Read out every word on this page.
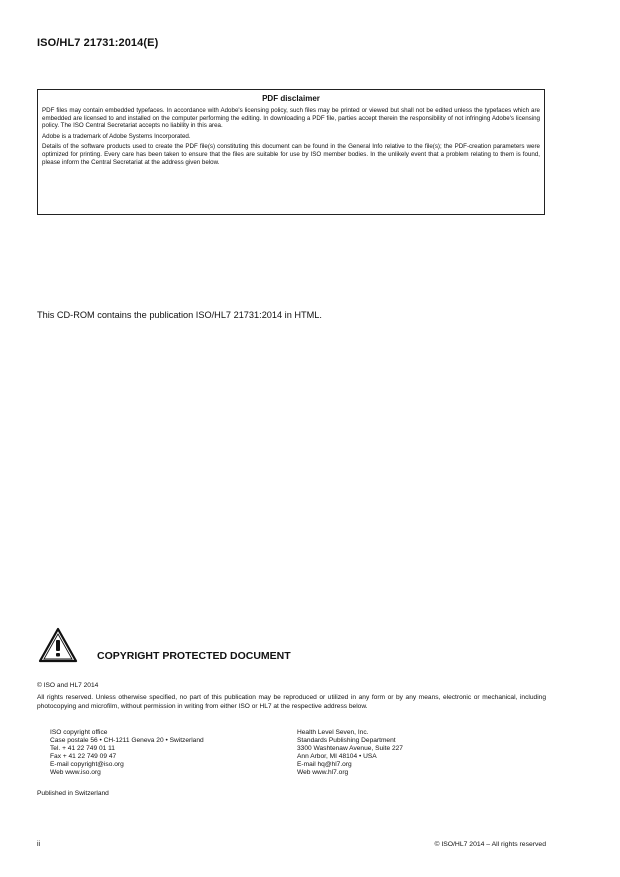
ISO/HL7 21731:2014(E)
PDF disclaimer

PDF files may contain embedded typefaces. In accordance with Adobe's licensing policy, such files may be printed or viewed but shall not be edited unless the typefaces which are embedded are licensed to and installed on the computer performing the editing. In downloading a PDF file, parties accept therein the responsibility of not infringing Adobe's licensing policy. The ISO Central Secretariat accepts no liability in this area.

Adobe is a trademark of Adobe Systems Incorporated.

Details of the software products used to create the PDF file(s) constituting this document can be found in the General Info relative to the file(s); the PDF-creation parameters were optimized for printing. Every care has been taken to ensure that the files are suitable for use by ISO member bodies. In the unlikely event that a problem relating to them is found, please inform the Central Secretariat at the address given below.

This CD-ROM contains the publication ISO/HL7 21731:2014 in HTML.
COPYRIGHT PROTECTED DOCUMENT
© ISO and HL7 2014
All rights reserved. Unless otherwise specified, no part of this publication may be reproduced or utilized in any form or by any means, electronic or mechanical, including photocopying and microfilm, without permission in writing from either ISO or HL7 at the respective address below.
ISO copyright office
Case postale 56 • CH-1211 Geneva 20 • Switzerland
Tel. + 41 22 749 01 11
Fax + 41 22 749 09 47
E-mail copyright@iso.org
Web www.iso.org
Health Level Seven, Inc.
Standards Publishing Department
3300 Washtenaw Avenue, Suite 227
Ann Arbor, MI 48104 • USA
E-mail hq@hl7.org
Web www.hl7.org
Published in Switzerland
ii	© ISO/HL7 2014 – All rights reserved
